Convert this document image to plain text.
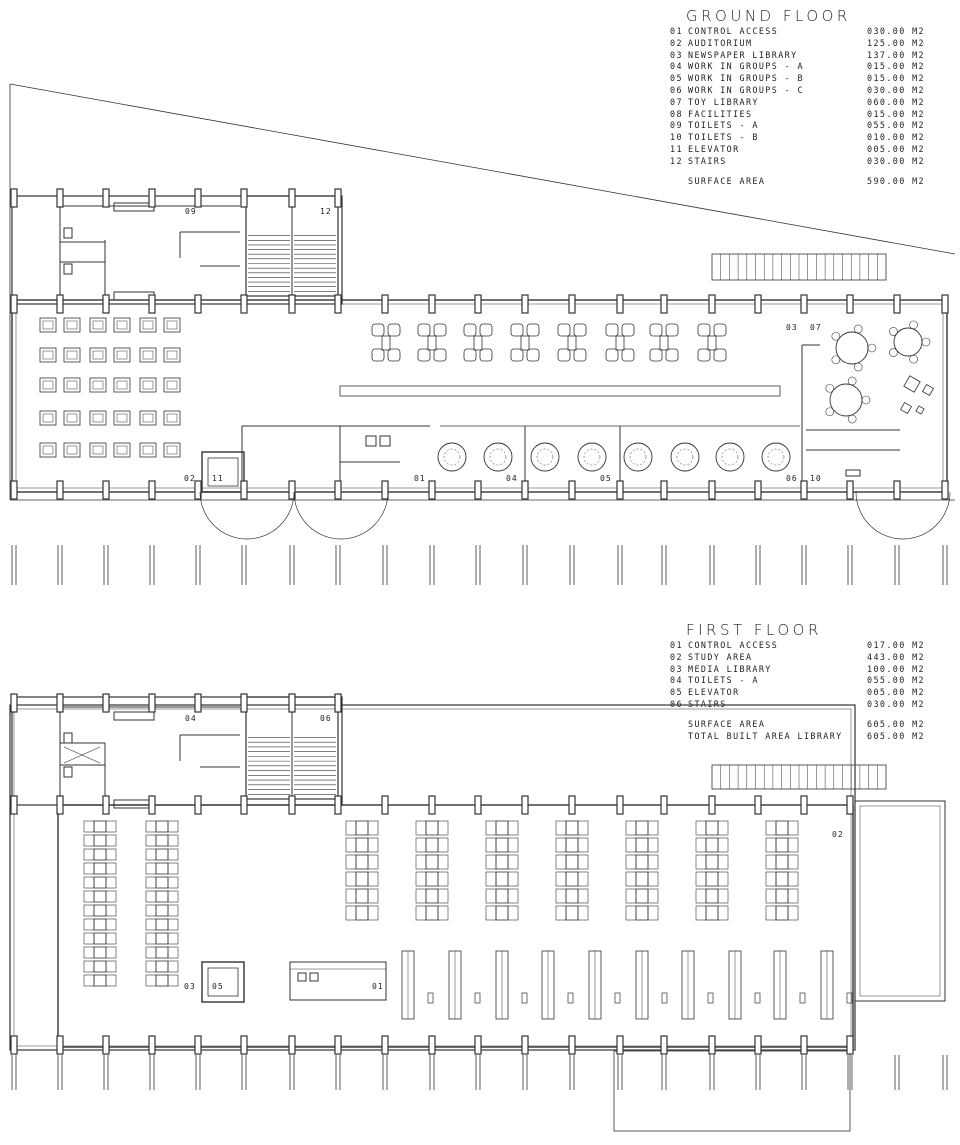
GROUND FLOOR
01 CONTROL ACCESS	030.00 M2
02 AUDITORIUM	125.00 M2
03 NEWSPAPER LIBRARY	137.00 M2
04 WORK IN GROUPS - A	015.00 M2
05 WORK IN GROUPS - B	015.00 M2
06 WORK IN GROUPS - C	030.00 M2
07 TOY LIBRARY	060.00 M2
08 FACILITIES	015.00 M2
09 TOILETS - A	055.00 M2
10 TOILETS - B	010.00 M2
11 ELEVATOR	005.00 M2
12 STAIRS	030.00 M2
SURFACE AREA	590.00 M2
FIRST FLOOR
01 CONTROL ACCESS	017.00 M2
02 STUDY AREA	443.00 M2
03 MEDIA LIBRARY	100.00 M2
04 TOILETS - A	055.00 M2
05 ELEVATOR	005.00 M2
06 STAIRS	030.00 M2
SURFACE AREA	605.00 M2
TOTAL BUILT AREA LIBRARY	605.00 M2
09	12
03 07
02 11	01	04	05	06 10
04	06
02
03 05	01
